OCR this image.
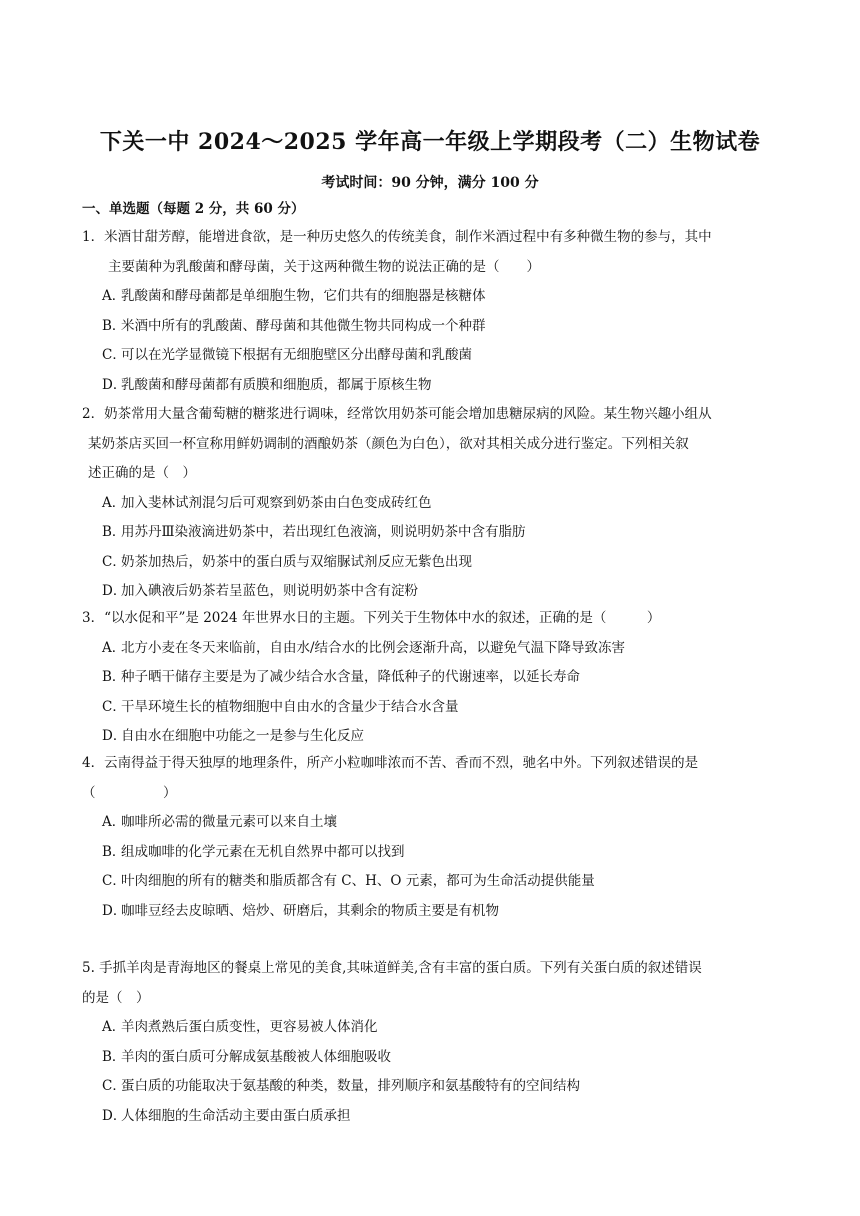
下关一中 2024～2025 学年高一年级上学期段考（二）生物试卷
考试时间：90 分钟，满分 100 分
一、单选题（每题 2 分，共 60 分）
1．米酒甘甜芳醇，能增进食欲，是一种历史悠久的传统美食，制作米酒过程中有多种微生物的参与，其中
主要菌种为乳酸菌和酵母菌，关于这两种微生物的说法正确的是（　　）
A．乳酸菌和酵母菌都是单细胞生物，它们共有的细胞器是核糖体
B．米酒中所有的乳酸菌、酵母菌和其他微生物共同构成一个种群
C．可以在光学显微镜下根据有无细胞壁区分出酵母菌和乳酸菌
D．乳酸菌和酵母菌都有质膜和细胞质，都属于原核生物
2．奶茶常用大量含葡萄糖的糖浆进行调味，经常饮用奶茶可能会增加患糖尿病的风险。某生物兴趣小组从
某奶茶店买回一杯宣称用鲜奶调制的酒酿奶茶（颜色为白色），欲对其相关成分进行鉴定。下列相关叙
述正确的是（　）
A．加入斐林试剂混匀后可观察到奶茶由白色变成砖红色
B．用苏丹Ⅲ染液滴进奶茶中，若出现红色液滴，则说明奶茶中含有脂肪
C．奶茶加热后，奶茶中的蛋白质与双缩脲试剂反应无紫色出现
D．加入碘液后奶茶若呈蓝色，则说明奶茶中含有淀粉
3．“以水促和平”是 2024 年世界水日的主题。下列关于生物体中水的叙述，正确的是（　　　）
A．北方小麦在冬天来临前，自由水/结合水的比例会逐渐升高，以避免气温下降导致冻害
B．种子晒干储存主要是为了减少结合水含量，降低种子的代谢速率，以延长寿命
C．干旱环境生长的植物细胞中自由水的含量少于结合水含量
D．自由水在细胞中功能之一是参与生化反应
4．云南得益于得天独厚的地理条件，所产小粒咖啡浓而不苦、香而不烈，驰名中外。下列叙述错误的是
（　　　　　）
A．咖啡所必需的微量元素可以来自土壤
B．组成咖啡的化学元素在无机自然界中都可以找到
C．叶肉细胞的所有的糖类和脂质都含有 C、H、O 元素，都可为生命活动提供能量
D．咖啡豆经去皮晾晒、焙炒、研磨后，其剩余的物质主要是有机物
5. 手抓羊肉是青海地区的餐桌上常见的美食,其味道鲜美,含有丰富的蛋白质。下列有关蛋白质的叙述错误
的是（　）
A．羊肉煮熟后蛋白质变性，更容易被人体消化
B．羊肉的蛋白质可分解成氨基酸被人体细胞吸收
C．蛋白质的功能取决于氨基酸的种类，数量，排列顺序和氨基酸特有的空间结构
D．人体细胞的生命活动主要由蛋白质承担
